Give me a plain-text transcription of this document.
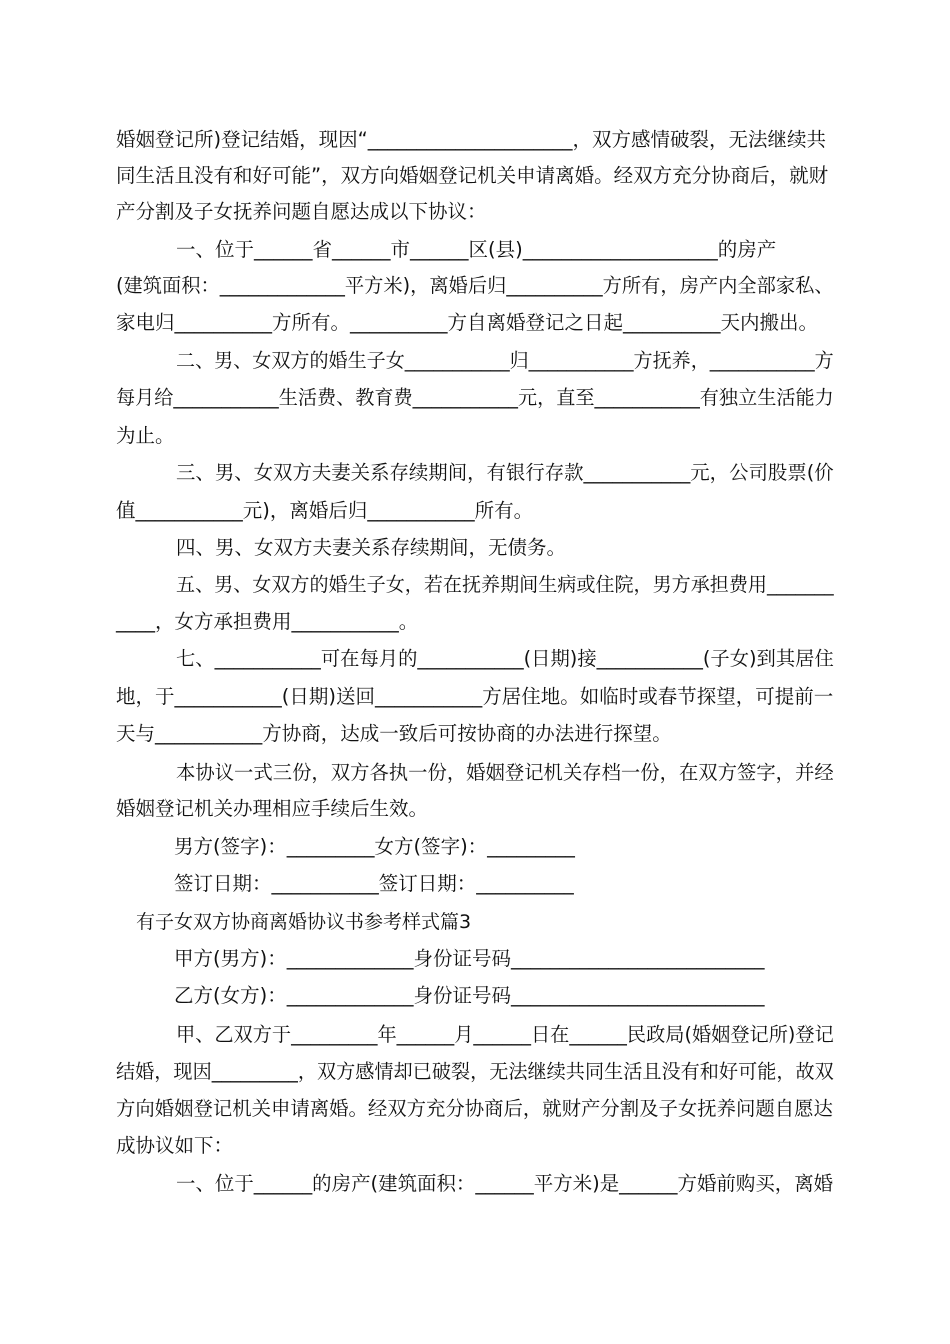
婚姻登记所)登记结婚，现因“_____________________，双方感情破裂，无法继续共
同生活且没有和好可能”，双方向婚姻登记机关申请离婚。经双方充分协商后，就财
产分割及子女抚养问题自愿达成以下协议：
一、位于______省______市______区(县)____________________的房产
(建筑面积：_____________平方米)，离婚后归__________方所有，房产内全部家私、
家电归__________方所有。__________方自离婚登记之日起__________天内搬出。
二、男、女双方的婚生子女___________归___________方抚养，___________方
每月给___________生活费、教育费___________元，直至___________有独立生活能力
为止。
三、男、女双方夫妻关系存续期间，有银行存款___________元，公司股票(价
值___________元)，离婚后归___________所有。
四、男、女双方夫妻关系存续期间，无债务。
五、男、女双方的婚生子女，若在抚养期间生病或住院，男方承担费用_______
____，女方承担费用___________。
七、___________可在每月的___________(日期)接___________(子女)到其居住
地，于___________(日期)送回___________方居住地。如临时或春节探望，可提前一
天与___________方协商，达成一致后可按协商的办法进行探望。
本协议一式三份，双方各执一份，婚姻登记机关存档一份，在双方签字，并经
婚姻登记机关办理相应手续后生效。
男方(签字)：_________女方(签字)：_________
签订日期：___________签订日期：__________
有子女双方协商离婚协议书参考样式篇3
甲方(男方)：_____________身份证号码__________________________
乙方(女方)：_____________身份证号码__________________________
甲、乙双方于_________年______月______日在______民政局(婚姻登记所)登记
结婚，现因_________，双方感情却已破裂，无法继续共同生活且没有和好可能，故双
方向婚姻登记机关申请离婚。经双方充分协商后，就财产分割及子女抚养问题自愿达
成协议如下：
一、位于______的房产(建筑面积：______平方米)是______方婚前购买，离婚
